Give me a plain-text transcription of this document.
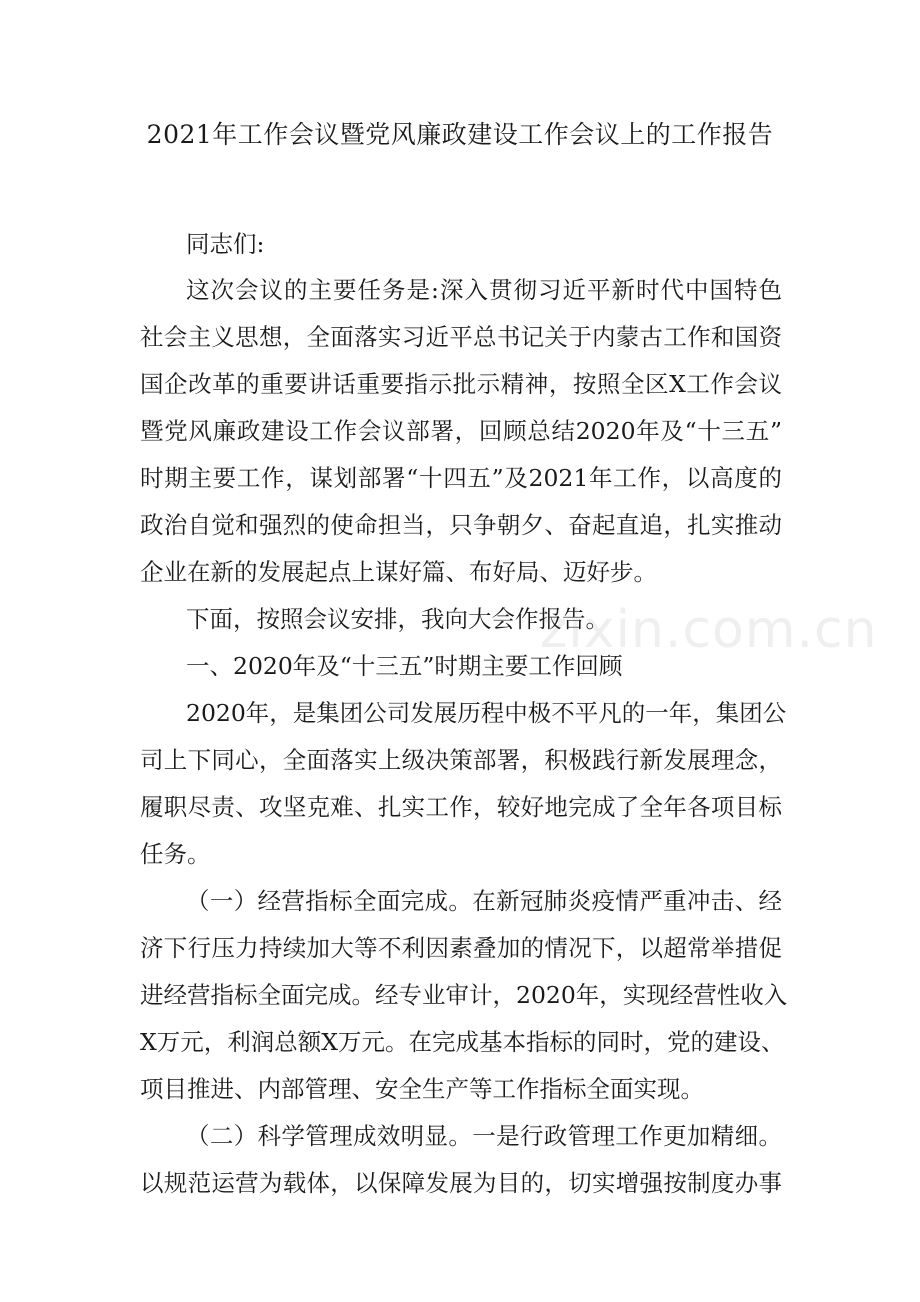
2021年工作会议暨党风廉政建设工作会议上的工作报告
同志们:
这次会议的主要任务是:深入贯彻习近平新时代中国特色
社会主义思想，全面落实习近平总书记关于内蒙古工作和国资
国企改革的重要讲话重要指示批示精神，按照全区X工作会议
暨党风廉政建设工作会议部署，回顾总结2020年及“十三五”
时期主要工作，谋划部署“十四五”及2021年工作，以高度的
政治自觉和强烈的使命担当，只争朝夕、奋起直追，扎实推动
企业在新的发展起点上谋好篇、布好局、迈好步。
下面，按照会议安排，我向大会作报告。
一、2020年及“十三五”时期主要工作回顾
2020年，是集团公司发展历程中极不平凡的一年，集团公
司上下同心，全面落实上级决策部署，积极践行新发展理念，
履职尽责、攻坚克难、扎实工作，较好地完成了全年各项目标
任务。
（一）经营指标全面完成。在新冠肺炎疫情严重冲击、经
济下行压力持续加大等不利因素叠加的情况下，以超常举措促
进经营指标全面完成。经专业审计，2020年，实现经营性收入
X万元，利润总额X万元。在完成基本指标的同时，党的建设、
项目推进、内部管理、安全生产等工作指标全面实现。
（二）科学管理成效明显。一是行政管理工作更加精细。
以规范运营为载体，以保障发展为目的，切实增强按制度办事
zixin.com.cn
